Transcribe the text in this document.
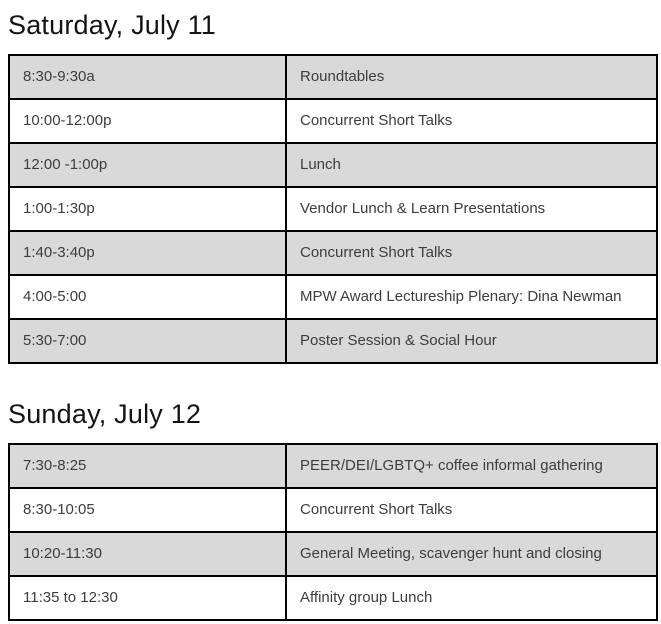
Saturday, July 11
8:30-9:30a	Roundtables
10:00-12:00p	Concurrent Short Talks
12:00 -1:00p	Lunch
1:00-1:30p	Vendor Lunch & Learn Presentations
1:40-3:40p	Concurrent Short Talks
4:00-5:00	MPW Award Lectureship Plenary: Dina Newman
5:30-7:00	Poster Session & Social Hour
Sunday, July 12
7:30-8:25	PEER/DEI/LGBTQ+ coffee informal gathering
8:30-10:05	Concurrent Short Talks
10:20-11:30	General Meeting, scavenger hunt and closing
11:35 to 12:30	Affinity group Lunch
